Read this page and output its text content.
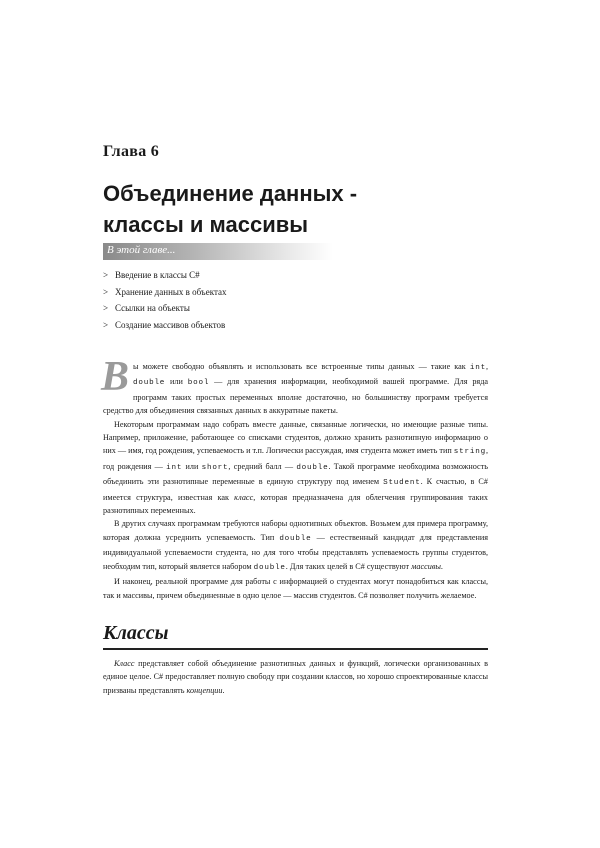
Глава 6
Объединение данных -
классы и массивы
В этой главе...
> Введение в классы C#
> Хранение данных в объектах
> Ссылки на объекты
> Создание массивов объектов

Вы можете свободно объявлять и использовать все встроенные типы данных — такие как int, double или bool — для хранения информации, необходимой вашей программе. Для ряда программ таких простых переменных вполне достаточно, но большинству программ требуется средство для объединения связанных данных в аккуратные пакеты.

Некоторым программам надо собрать вместе данные, связанные логически, но имеющие разные типы. Например, приложение, работающее со списками студентов, должно хранить разнотипную информацию о них — имя, год рождения, успеваемость и т.п. Логически рассуждая, имя студента может иметь тип string, год рождения — int или short, средний балл — double. Такой программе необходима возможность объединить эти разнотипные переменные в единую структуру под именем Student. К счастью, в C# имеется структура, известная как класс, которая предназначена для облегчения группирования таких разнотипных переменных.

В других случаях программам требуются наборы однотипных объектов. Возьмем для примера программу, которая должна усреднить успеваемость. Тип double — естественный кандидат для представления индивидуальной успеваемости студента, но для того чтобы представлять успеваемость группы студентов, необходим тип, который является набором double. Для таких целей в C# существуют массивы.

И наконец, реальной программе для работы с информацией о студентах могут понадобиться как классы, так и массивы, причем объединенные в одно целое — массив студентов. C# позволяет получить желаемое.

Классы

Класс представляет собой объединение разнотипных данных и функций, логически организованных в единое целое. C# предоставляет полную свободу при создании классов, но хорошо спроектированные классы призваны представлять концепции.
